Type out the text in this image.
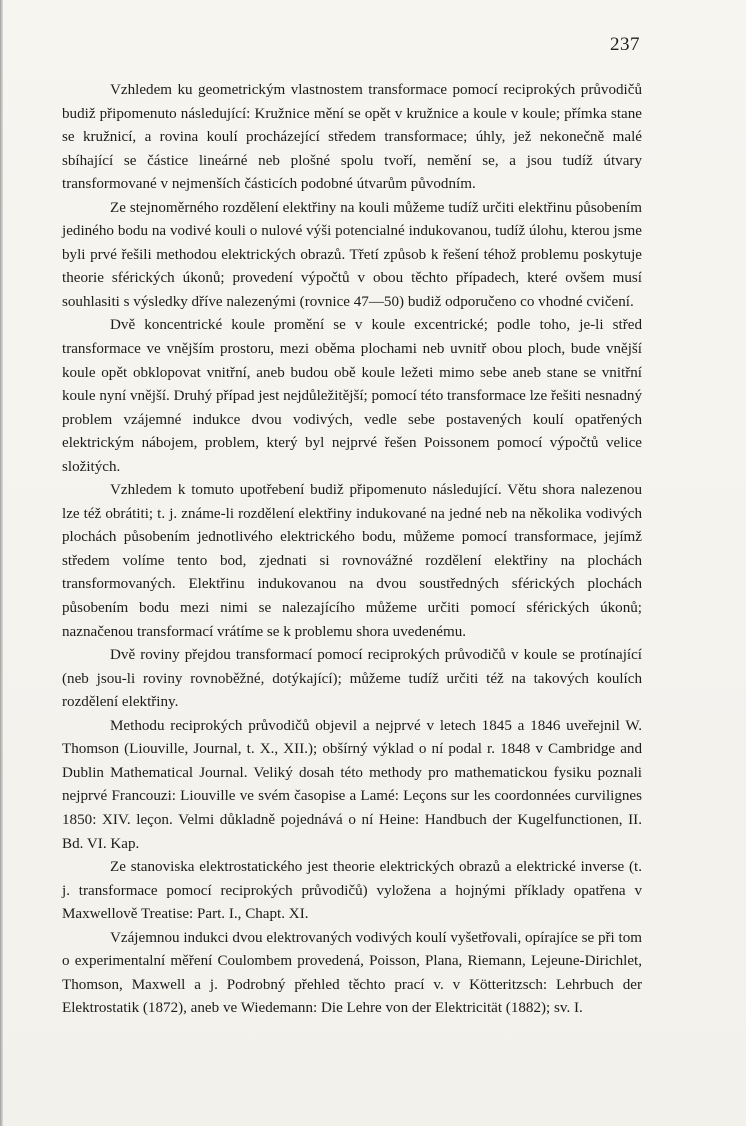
237

Vzhledem ku geometrickým vlastnostem transformace pomocí reciprokých průvodičů budiž připomenuto následující: Kružnice mění se opět v kružnice a koule v koule; přímka stane se kružnicí, a rovina koulí procházející středem transformace; úhly, jež nekonečně malé sbíhající se částice lineárné neb plošné spolu tvoří, nemění se, a jsou tudíž útvary transformované v nejmenších částicích podobné útvarům původním.

Ze stejnoměrného rozdělení elektřiny na kouli můžeme tudíž určiti elektřinu působením jediného bodu na vodivé kouli o nulové výši potencialné indukovanou, tudíž úlohu, kterou jsme byli prvé řešili methodou elektrických obrazů. Třetí způsob k řešení téhož problemu poskytuje theorie sférických úkonů; provedení výpočtů v obou těchto případech, které ovšem musí souhlasiti s výsledky dříve nalezenými (rovnice 47—50) budiž odporučeno co vhodné cvičení.

Dvě koncentrické koule promění se v koule excentrické; podle toho, je-li střed transformace ve vnějším prostoru, mezi oběma plochami neb uvnitř obou ploch, bude vnější koule opět obklopovat vnitřní, aneb budou obě koule ležeti mimo sebe aneb stane se vnitřní koule nyní vnější. Druhý případ jest nejdůležitější; pomocí této transformace lze řešiti nesnadný problem vzájemné indukce dvou vodivých, vedle sebe postavených koulí opatřených elektrickým nábojem, problem, který byl nejprvé řešen Poissonem pomocí výpočtů velice složitých.

Vzhledem k tomuto upotřebení budiž připomenuto následující. Větu shora nalezenou lze též obrátiti; t. j. známe-li rozdělení elektřiny indukované na jedné neb na několika vodivých plochách působením jednotlivého elektrického bodu, můžeme pomocí transformace, jejímž středem volíme tento bod, zjednati si rovnovážné rozdělení elektřiny na plochách transformovaných. Elektřinu indukovanou na dvou soustředných sférických plochách působením bodu mezi nimi se nalezajícího můžeme určiti pomocí sférických úkonů; naznačenou transformací vrátíme se k problemu shora uvedenému.

Dvě roviny přejdou transformací pomocí reciprokých průvodičů v koule se protínající (neb jsou-li roviny rovnoběžné, dotýkající); můžeme tudíž určiti též na takových koulích rozdělení elektřiny.

Methodu reciprokých průvodičů objevil a nejprvé v letech 1845 a 1846 uveřejnil W. Thomson (Liouville, Journal, t. X., XII.); obšírný výklad o ní podal r. 1848 v Cambridge and Dublin Mathematical Journal. Veliký dosah této methody pro mathematickou fysiku poznali nejprvé Francouzi: Liouville ve svém časopise a Lamé: Leçons sur les coordonnées curvilignes 1850: XIV. leçon. Velmi důkladně pojednává o ní Heine: Handbuch der Kugelfunctionen, II. Bd. VI. Kap.

Ze stanoviska elektrostatického jest theorie elektrických obrazů a elektrické inverse (t. j. transformace pomocí reciprokých průvodičů) vyložena a hojnými příklady opatřena v Maxwellově Treatise: Part. I., Chapt. XI.

Vzájemnou indukci dvou elektrovaných vodivých koulí vyšetřovali, opírajíce se při tom o experimentalní měření Coulombem provedená, Poisson, Plana, Riemann, Lejeune-Dirichlet, Thomson, Maxwell a j. Podrobný přehled těchto prací v. v Kötteritzsch: Lehrbuch der Elektrostatik (1872), aneb ve Wiedemann: Die Lehre von der Elektricität (1882); sv. I.
